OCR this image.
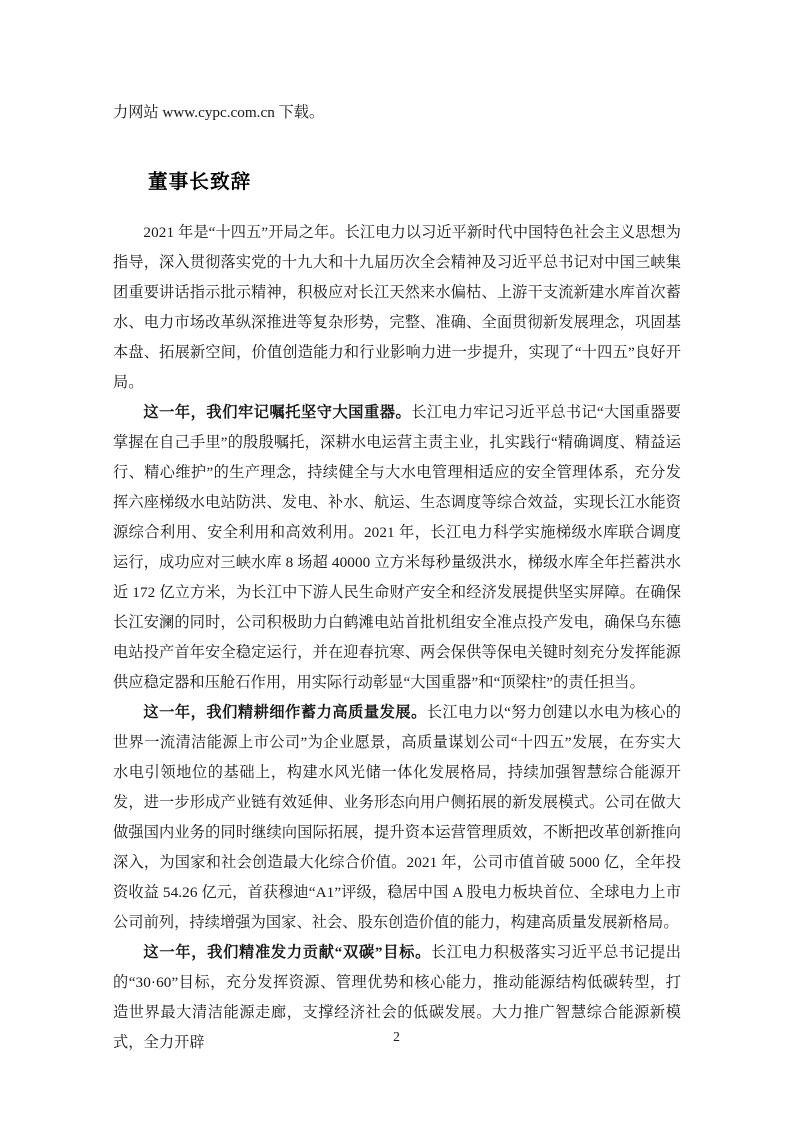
力网站 www.cypc.com.cn 下载。

董事长致辞

2021 年是“十四五”开局之年。长江电力以习近平新时代中国特色社会主义思想为指导，深入贯彻落实党的十九大和十九届历次全会精神及习近平总书记对中国三峡集团重要讲话指示批示精神，积极应对长江天然来水偏枯、上游干支流新建水库首次蓄水、电力市场改革纵深推进等复杂形势，完整、准确、全面贯彻新发展理念，巩固基本盘、拓展新空间，价值创造能力和行业影响力进一步提升，实现了“十四五”良好开局。

这一年，我们牢记嘱托坚守大国重器。长江电力牢记习近平总书记“大国重器要掌握在自己手里”的殷殷嘱托，深耕水电运营主责主业，扎实践行“精确调度、精益运行、精心维护”的生产理念，持续健全与大水电管理相适应的安全管理体系，充分发挥六座梯级水电站防洪、发电、补水、航运、生态调度等综合效益，实现长江水能资源综合利用、安全利用和高效利用。2021 年，长江电力科学实施梯级水库联合调度运行，成功应对三峡水库 8 场超 40000 立方米每秒量级洪水，梯级水库全年拦蓄洪水近 172 亿立方米，为长江中下游人民生命财产安全和经济发展提供坚实屏障。在确保长江安澜的同时，公司积极助力白鹤滩电站首批机组安全准点投产发电，确保乌东德电站投产首年安全稳定运行，并在迎春抗寒、两会保供等保电关键时刻充分发挥能源供应稳定器和压舱石作用，用实际行动彰显“大国重器”和“顶梁柱”的责任担当。

这一年，我们精耕细作蓄力高质量发展。长江电力以“努力创建以水电为核心的世界一流清洁能源上市公司”为企业愿景，高质量谋划公司“十四五”发展，在夯实大水电引领地位的基础上，构建水风光储一体化发展格局，持续加强智慧综合能源开发，进一步形成产业链有效延伸、业务形态向用户侧拓展的新发展模式。公司在做大做强国内业务的同时继续向国际拓展，提升资本运营管理质效，不断把改革创新推向深入，为国家和社会创造最大化综合价值。2021 年，公司市值首破 5000 亿，全年投资收益 54.26 亿元，首获穆迪“A1”评级，稳居中国 A 股电力板块首位、全球电力上市公司前列，持续增强为国家、社会、股东创造价值的能力，构建高质量发展新格局。

这一年，我们精准发力贡献“双碳”目标。长江电力积极落实习近平总书记提出的“30·60”目标，充分发挥资源、管理优势和核心能力，推动能源结构低碳转型，打造世界最大清洁能源走廊，支撑经济社会的低碳发展。大力推广智慧综合能源新模式，全力开辟	2
